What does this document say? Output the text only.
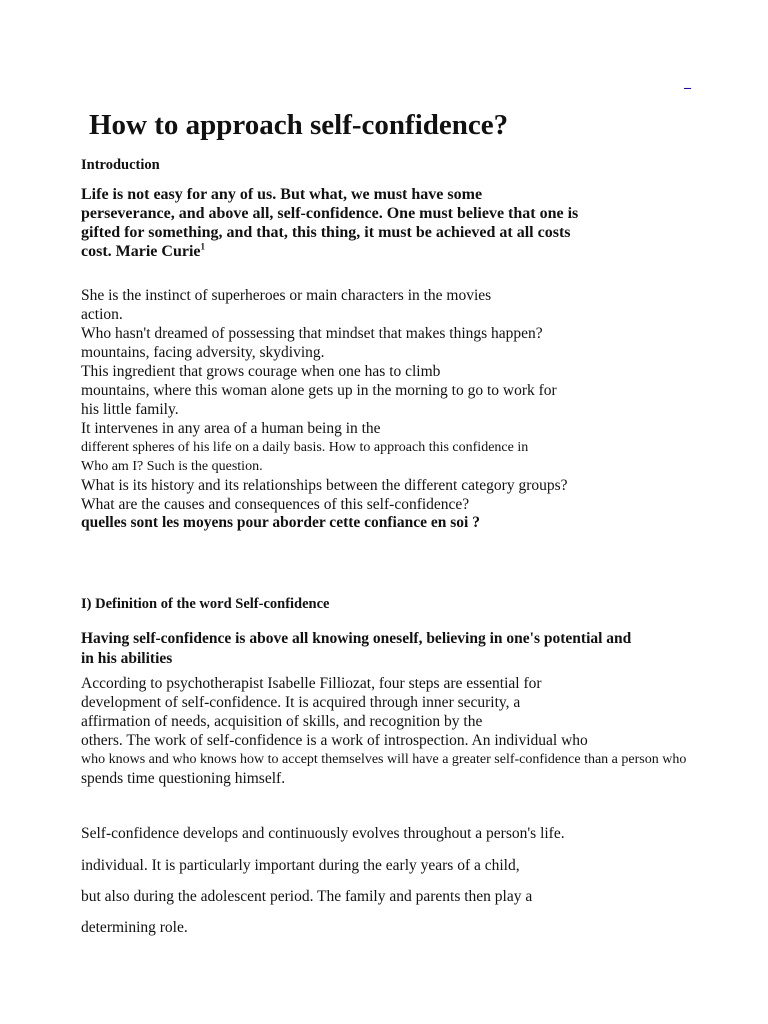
_
How to approach self-confidence?
Introduction
Life is not easy for any of us. But what, we must have some
perseverance, and above all, self-confidence. One must believe that one is
gifted for something, and that, this thing, it must be achieved at all costs
cost. Marie Curie$^1$
She is the instinct of superheroes or main characters in the movies
action.
Who hasn't dreamed of possessing that mindset that makes things happen?
mountains, facing adversity, skydiving.
This ingredient that grows courage when one has to climb
mountains, where this woman alone gets up in the morning to go to work for
his little family.
It intervenes in any area of a human being in the
different spheres of his life on a daily basis. How to approach this confidence in
Who am I? Such is the question.
What is its history and its relationships between the different category groups?
What are the causes and consequences of this self-confidence?
quelles sont les moyens pour aborder cette confiance en soi ?
I) Definition of the word Self-confidence
Having self-confidence is above all knowing oneself, believing in one's potential and
in his abilities
According to psychotherapist Isabelle Filliozat, four steps are essential for
development of self-confidence. It is acquired through inner security, a
affirmation of needs, acquisition of skills, and recognition by the
others. The work of self-confidence is a work of introspection. An individual who
who knows and who knows how to accept themselves will have a greater self-confidence than a person who
spends time questioning himself.
Self-confidence develops and continuously evolves throughout a person's life.
individual. It is particularly important during the early years of a child,
but also during the adolescent period. The family and parents then play a
determining role.
